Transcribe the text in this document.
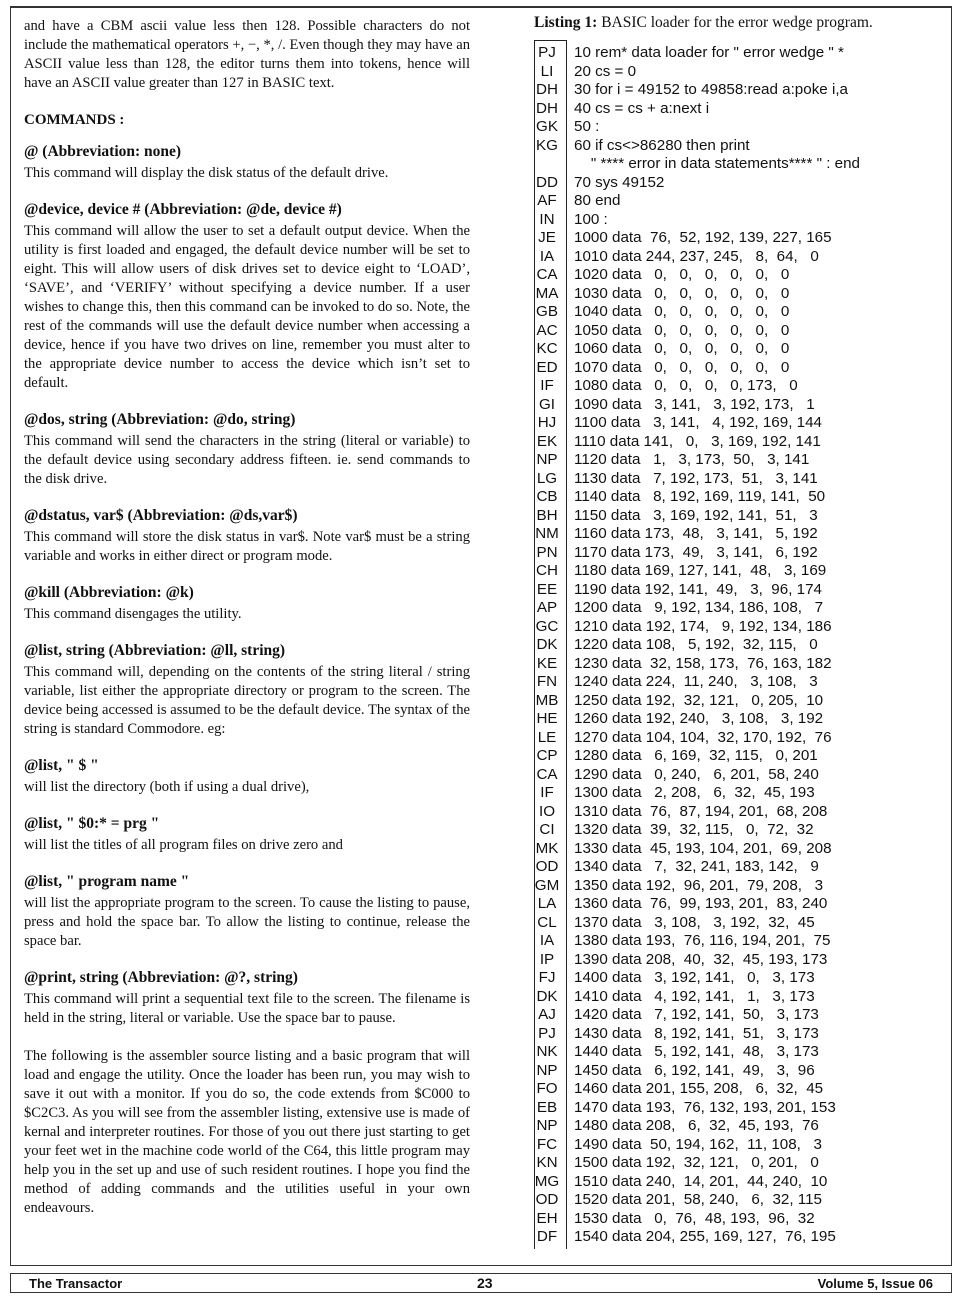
and have a CBM ascii value less then 128. Possible characters do not include the mathematical operators +, −, *, /. Even though they may have an ASCII value less than 128, the editor turns them into tokens, hence will have an ASCII value greater than 127 in BASIC text.

COMMANDS :

@ (Abbreviation: none)

This command will display the disk status of the default drive.

@device, device # (Abbreviation: @de, device #)

This command will allow the user to set a default output device. When the utility is first loaded and engaged, the default device number will be set to eight. This will allow users of disk drives set to device eight to ‘LOAD’, ‘SAVE’, and ‘VERIFY’ without specifying a device number. If a user wishes to change this, then this command can be invoked to do so. Note, the rest of the commands will use the default device number when accessing a device, hence if you have two drives on line, remember you must alter to the appropriate device number to access the device which isn’t set to default.

@dos, string (Abbreviation: @do, string)

This command will send the characters in the string (literal or variable) to the default device using secondary address fifteen. ie. send commands to the disk drive.

@dstatus, var$ (Abbreviation: @ds,var$)

This command will store the disk status in var$. Note var$ must be a string variable and works in either direct or program mode.

@kill (Abbreviation: @k)

This command disengages the utility.

@list, string (Abbreviation: @ll, string)

This command will, depending on the contents of the string literal / string variable, list either the appropriate directory or program to the screen. The device being accessed is assumed to be the default device. The syntax of the string is standard Commodore. eg:

@list, " $ "

will list the directory (both if using a dual drive),

@list, " $0:* = prg "

will list the titles of all program files on drive zero and

@list, " program name "

will list the appropriate program to the screen. To cause the listing to pause, press and hold the space bar. To allow the listing to continue, release the space bar.

@print, string (Abbreviation: @?, string)

This command will print a sequential text file to the screen. The filename is held in the string, literal or variable. Use the space bar to pause.

The following is the assembler source listing and a basic program that will load and engage the utility. Once the loader has been run, you may wish to save it out with a monitor. If you do so, the code extends from $C000 to $C2C3. As you will see from the assembler listing, extensive use is made of kernal and interpreter routines. For those of you out there just starting to get your feet wet in the machine code world of the C64, this little program may help you in the set up and use of such resident routines. I hope you find the method of adding commands and the utilities useful in your own endeavours.

Listing 1: BASIC loader for the error wedge program.

PJ	10 rem* data loader for " error wedge " *
LI	20 cs = 0
DH	30 for i = 49152 to 49858:read a:poke i,a
DH	40 cs = cs + a:next i
GK	50 :
KG	60 if cs<>86280 then print
" **** error in data statements**** " : end
DD	70 sys 49152
AF	80 end
IN	100 :
JE	1000 data  76,  52, 192, 139, 227, 165
IA	1010 data 244, 237, 245,   8,  64,   0
CA	1020 data   0,   0,   0,   0,   0,   0
MA	1030 data   0,   0,   0,   0,   0,   0
GB	1040 data   0,   0,   0,   0,   0,   0
AC	1050 data   0,   0,   0,   0,   0,   0
KC	1060 data   0,   0,   0,   0,   0,   0
ED	1070 data   0,   0,   0,   0,   0,   0
IF	1080 data   0,   0,   0,   0, 173,   0
GI	1090 data   3, 141,   3, 192, 173,   1
HJ	1100 data   3, 141,   4, 192, 169, 144
EK	1110 data 141,   0,   3, 169, 192, 141
NP	1120 data   1,   3, 173,  50,   3, 141
LG	1130 data   7, 192, 173,  51,   3, 141
CB	1140 data   8, 192, 169, 119, 141,  50
BH	1150 data   3, 169, 192, 141,  51,   3
NM 1160 data 173,  48,   3, 141,   5, 192
PN	1170 data 173,  49,   3, 141,   6, 192
CH	1180 data 169, 127, 141,  48,   3, 169
EE	1190 data 192, 141,  49,   3,  96, 174
AP	1200 data   9, 192, 134, 186, 108,   7
GC	1210 data 192, 174,   9, 192, 134, 186
DK	1220 data 108,   5, 192,  32, 115,   0
KE	1230 data  32, 158, 173,  76, 163, 182
FN	1240 data 224,  11, 240,   3, 108,   3
MB	1250 data 192,  32, 121,   0, 205,  10
HE	1260 data 192, 240,   3, 108,   3, 192
LE	1270 data 104, 104,  32, 170, 192,  76
CP	1280 data   6, 169,  32, 115,   0, 201
CA	1290 data   0, 240,   6, 201,  58, 240
IF	1300 data   2, 208,   6,  32,  45, 193
IO	1310 data  76,  87, 194, 201,  68, 208
CI	1320 data  39,  32, 115,   0,  72,  32
MK	1330 data  45, 193, 104, 201,  69, 208
OD	1340 data   7,  32, 241, 183, 142,   9
GM 1350 data 192,  96, 201,  79, 208,   3
LA	1360 data  76,  99, 193, 201,  83, 240
CL	1370 data   3, 108,   3, 192,  32,  45
IA	1380 data 193,  76, 116, 194, 201,  75
IP	1390 data 208,  40,  32,  45, 193, 173
FJ	1400 data   3, 192, 141,   0,   3, 173
DK	1410 data   4, 192, 141,   1,   3, 173
AJ	1420 data   7, 192, 141,  50,   3, 173
PJ	1430 data   8, 192, 141,  51,   3, 173
NK	1440 data   5, 192, 141,  48,   3, 173
NP	1450 data   6, 192, 141,  49,   3,  96
FO	1460 data 201, 155, 208,   6,  32,  45
EB	1470 data 193,  76, 132, 193, 201, 153
NP	1480 data 208,   6,  32,  45, 193,  76
FC	1490 data  50, 194, 162,  11, 108,   3
KN	1500 data 192,  32, 121,   0, 201,   0
MG 1510 data 240,  14, 201,  44, 240,  10
OD	1520 data 201,  58, 240,   6,  32, 115
EH	1530 data   0,  76,  48, 193,  96,  32
DF	1540 data 204, 255, 169, 127,  76, 195
The Transactor	23	Volume 5, Issue 06
